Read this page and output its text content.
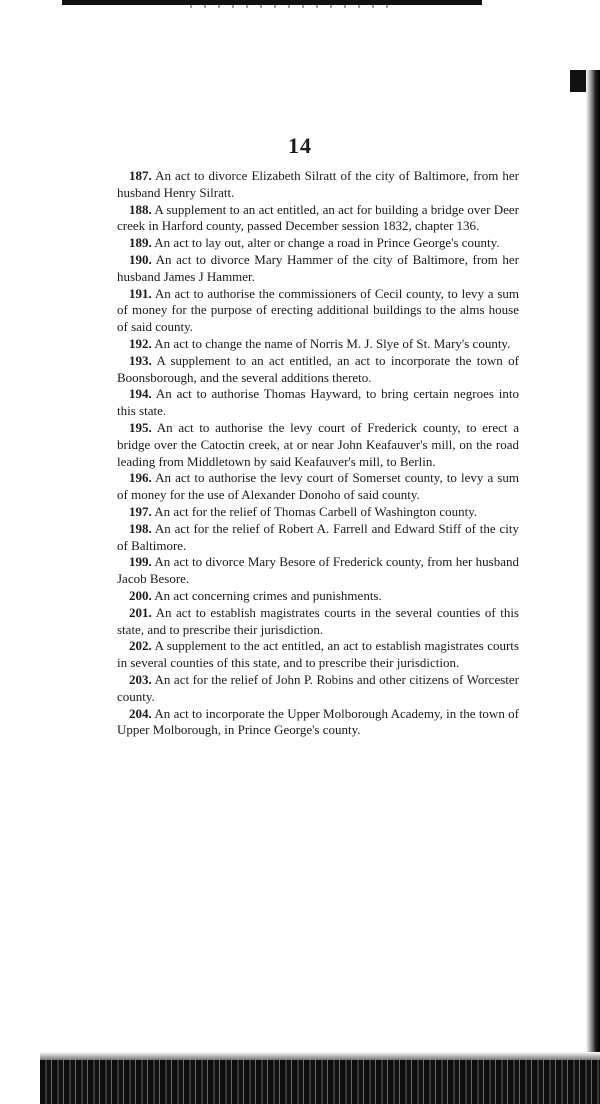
14

187. An act to divorce Elizabeth Silratt of the city of Baltimore, from her husband Henry Silratt.

188. A supplement to an act entitled, an act for building a bridge over Deer creek in Harford county, passed December session 1832, chapter 136.

189. An act to lay out, alter or change a road in Prince George's county.

190. An act to divorce Mary Hammer of the city of Baltimore, from her husband James J Hammer.

191. An act to authorise the commissioners of Cecil county, to levy a sum of money for the purpose of erecting additional buildings to the alms house of said county.

192. An act to change the name of Norris M. J. Slye of St. Mary's county.

193. A supplement to an act entitled, an act to incorporate the town of Boonsborough, and the several additions thereto.

194. An act to authorise Thomas Hayward, to bring certain negroes into this state.

195. An act to authorise the levy court of Frederick county, to erect a bridge over the Catoctin creek, at or near John Keafauver's mill, on the road leading from Middletown by said Keafauver's mill, to Berlin.

196. An act to authorise the levy court of Somerset county, to levy a sum of money for the use of Alexander Donoho of said county.

197. An act for the relief of Thomas Carbell of Washington county.

198. An act for the relief of Robert A. Farrell and Edward Stiff of the city of Baltimore.

199. An act to divorce Mary Besore of Frederick county, from her husband Jacob Besore.

200. An act concerning crimes and punishments.

201. An act to establish magistrates courts in the several counties of this state, and to prescribe their jurisdiction.

202. A supplement to the act entitled, an act to establish magistrates courts in several counties of this state, and to prescribe their jurisdiction.

203. An act for the relief of John P. Robins and other citizens of Worcester county.

204. An act to incorporate the Upper Molborough Academy, in the town of Upper Molborough, in Prince George's county.
